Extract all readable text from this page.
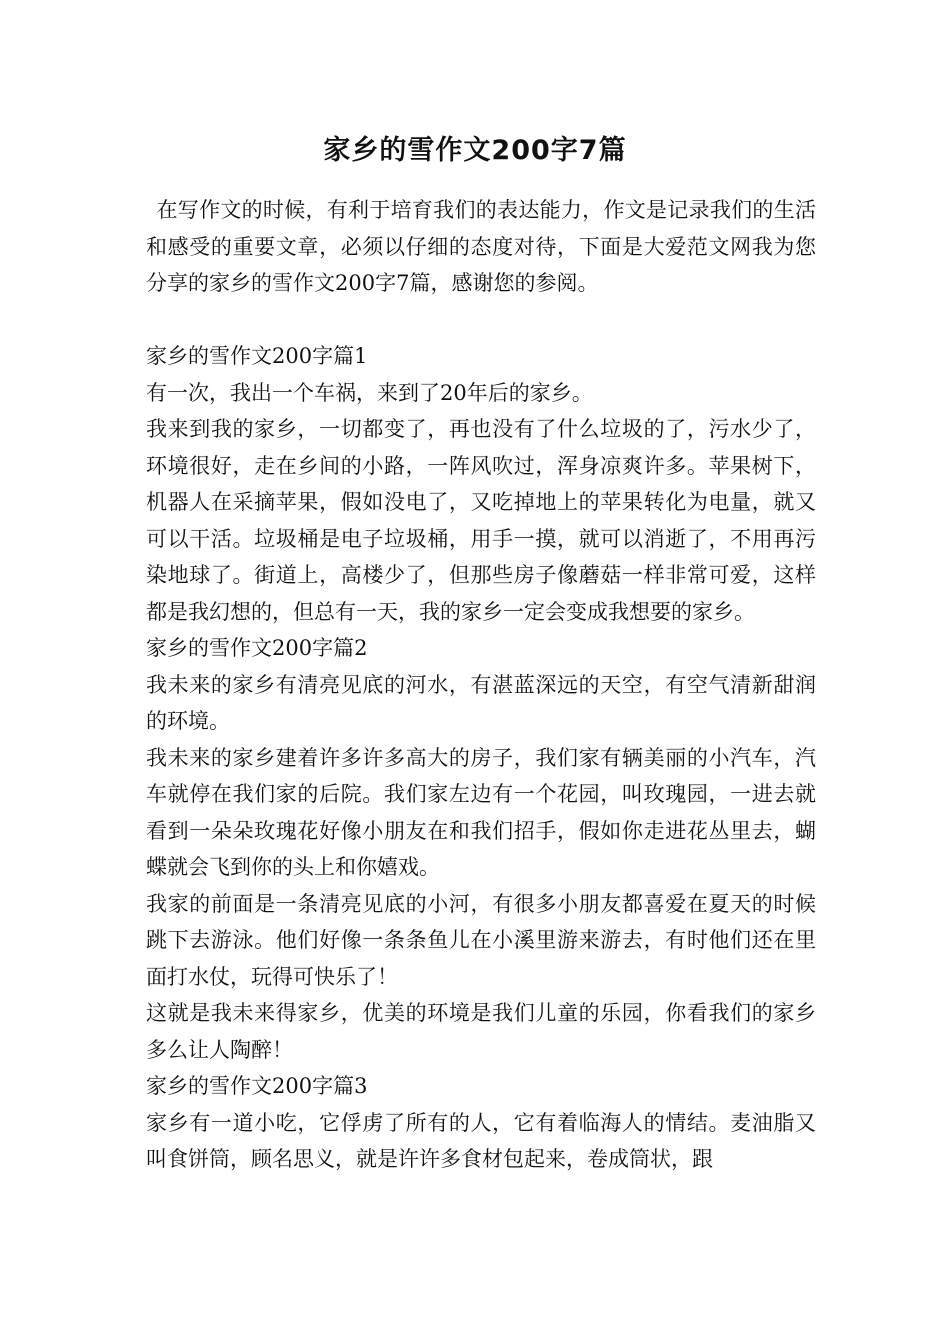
家乡的雪作文200字7篇

在写作文的时候，有利于培育我们的表达能力，作文是记录我们的生活和感受的重要文章，必须以仔细的态度对待，下面是大爱范文网我为您分享的家乡的雪作文200字7篇，感谢您的参阅。

家乡的雪作文200字篇1

有一次，我出一个车祸，来到了20年后的家乡。

我来到我的家乡，一切都变了，再也没有了什么垃圾的了，污水少了，环境很好，走在乡间的小路，一阵风吹过，浑身凉爽许多。苹果树下，机器人在采摘苹果，假如没电了，又吃掉地上的苹果转化为电量，就又可以干活。垃圾桶是电子垃圾桶，用手一摸，就可以消逝了，不用再污染地球了。街道上，高楼少了，但那些房子像蘑菇一样非常可爱，这样都是我幻想的，但总有一天，我的家乡一定会变成我想要的家乡。

家乡的雪作文200字篇2

我未来的家乡有清亮见底的河水，有湛蓝深远的天空，有空气清新甜润的环境。

我未来的家乡建着许多许多高大的房子，我们家有辆美丽的小汽车，汽车就停在我们家的后院。我们家左边有一个花园，叫玫瑰园，一进去就看到一朵朵玫瑰花好像小朋友在和我们招手，假如你走进花丛里去，蝴蝶就会飞到你的头上和你嬉戏。

我家的前面是一条清亮见底的小河，有很多小朋友都喜爱在夏天的时候跳下去游泳。他们好像一条条鱼儿在小溪里游来游去，有时他们还在里面打水仗，玩得可快乐了！

这就是我未来得家乡，优美的环境是我们儿童的乐园，你看我们的家乡多么让人陶醉！

家乡的雪作文200字篇3

家乡有一道小吃，它俘虏了所有的人，它有着临海人的情结。麦油脂又叫食饼筒，顾名思义，就是许许多食材包起来，卷成筒状，跟
